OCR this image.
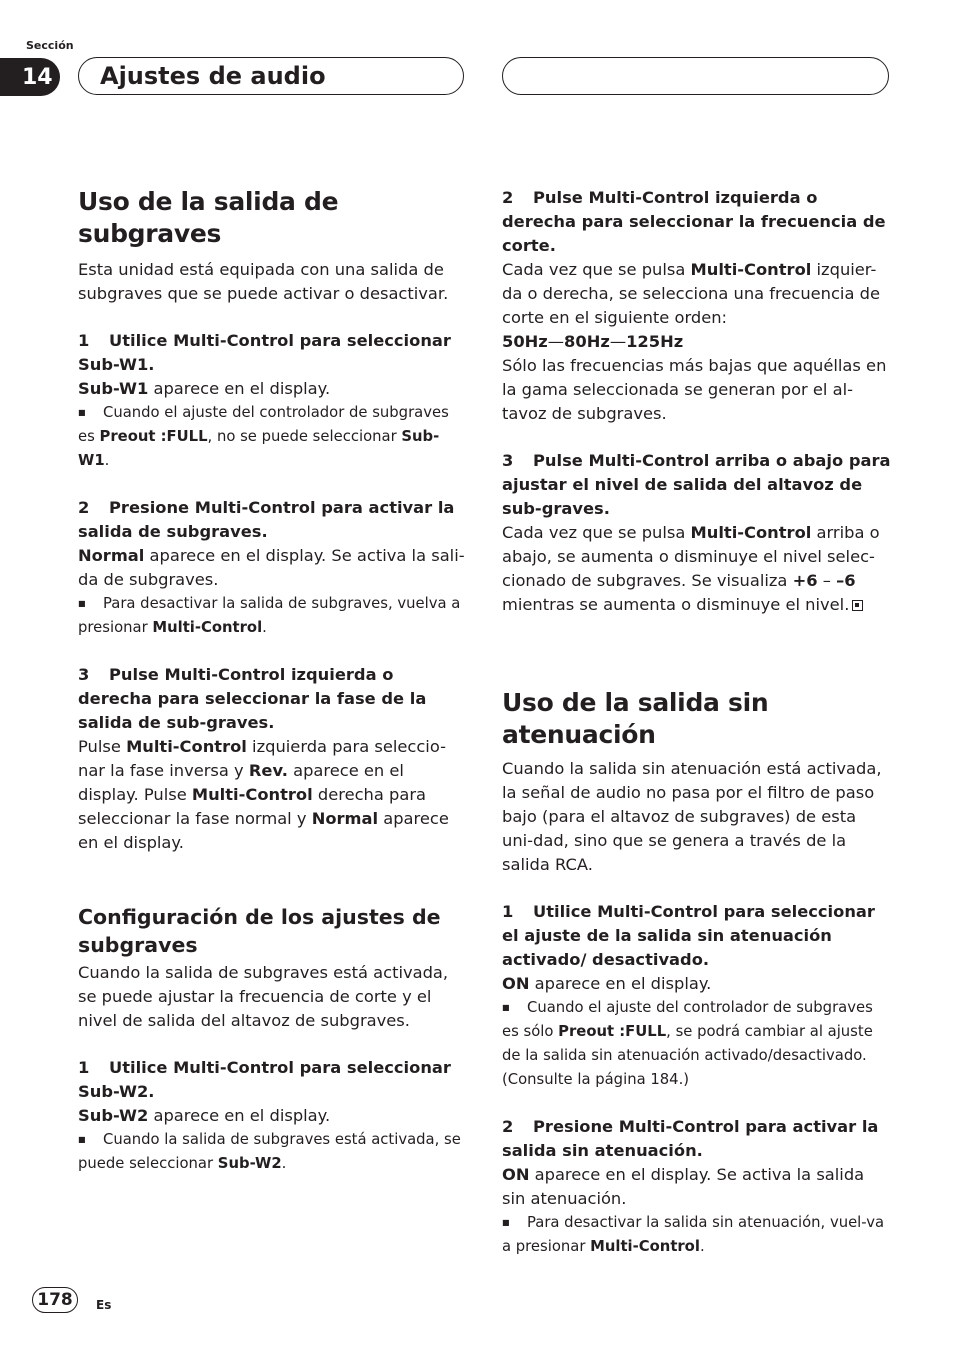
Sección
14	Ajustes de audio
Uso de la salida de subgraves

Esta unidad está equipada con una salida de subgraves que se puede activar o desactivar.

1 Utilice Multi-Control para seleccionar Sub-W1.

Sub-W1 aparece en el display.

■ Cuando el ajuste del controlador de subgraves es Preout :FULL, no se puede seleccionar Sub-W1.

2 Presione Multi-Control para activar la salida de subgraves.

Normal aparece en el display. Se activa la sali-da de subgraves.

■ Para desactivar la salida de subgraves, vuelva a presionar Multi-Control.

3 Pulse Multi-Control izquierda o derecha para seleccionar la fase de la salida de sub-graves.

Pulse Multi-Control izquierda para seleccio-nar la fase inversa y Rev. aparece en el display. Pulse Multi-Control derecha para seleccionar la fase normal y Normal aparece en el display.

Configuración de los ajustes de subgraves

Cuando la salida de subgraves está activada, se puede ajustar la frecuencia de corte y el nivel de salida del altavoz de subgraves.

1 Utilice Multi-Control para seleccionar Sub-W2.

Sub-W2 aparece en el display.

■ Cuando la salida de subgraves está activada, se puede seleccionar Sub-W2.

2 Pulse Multi-Control izquierda o derecha para seleccionar la frecuencia de corte.

Cada vez que se pulsa Multi-Control izquier-da o derecha, se selecciona una frecuencia de corte en el siguiente orden:

50Hz—80Hz—125Hz

Sólo las frecuencias más bajas que aquéllas en la gama seleccionada se generan por el al-tavoz de subgraves.

3 Pulse Multi-Control arriba o abajo para ajustar el nivel de salida del altavoz de sub-graves.

Cada vez que se pulsa Multi-Control arriba o abajo, se aumenta o disminuye el nivel selec-cionado de subgraves. Se visualiza +6 – –6 mientras se aumenta o disminuye el nivel.

Uso de la salida sin atenuación

Cuando la salida sin atenuación está activada, la señal de audio no pasa por el filtro de paso bajo (para el altavoz de subgraves) de esta uni-dad, sino que se genera a través de la salida RCA.

1 Utilice Multi-Control para seleccionar el ajuste de la salida sin atenuación activado/ desactivado.

ON aparece en el display.

■ Cuando el ajuste del controlador de subgraves es sólo Preout :FULL, se podrá cambiar al ajuste de la salida sin atenuación activado/desactivado. (Consulte la página 184.)

2 Presione Multi-Control para activar la salida sin atenuación.

ON aparece en el display. Se activa la salida sin atenuación.

■ Para desactivar la salida sin atenuación, vuel-va a presionar Multi-Control.

178	Es
